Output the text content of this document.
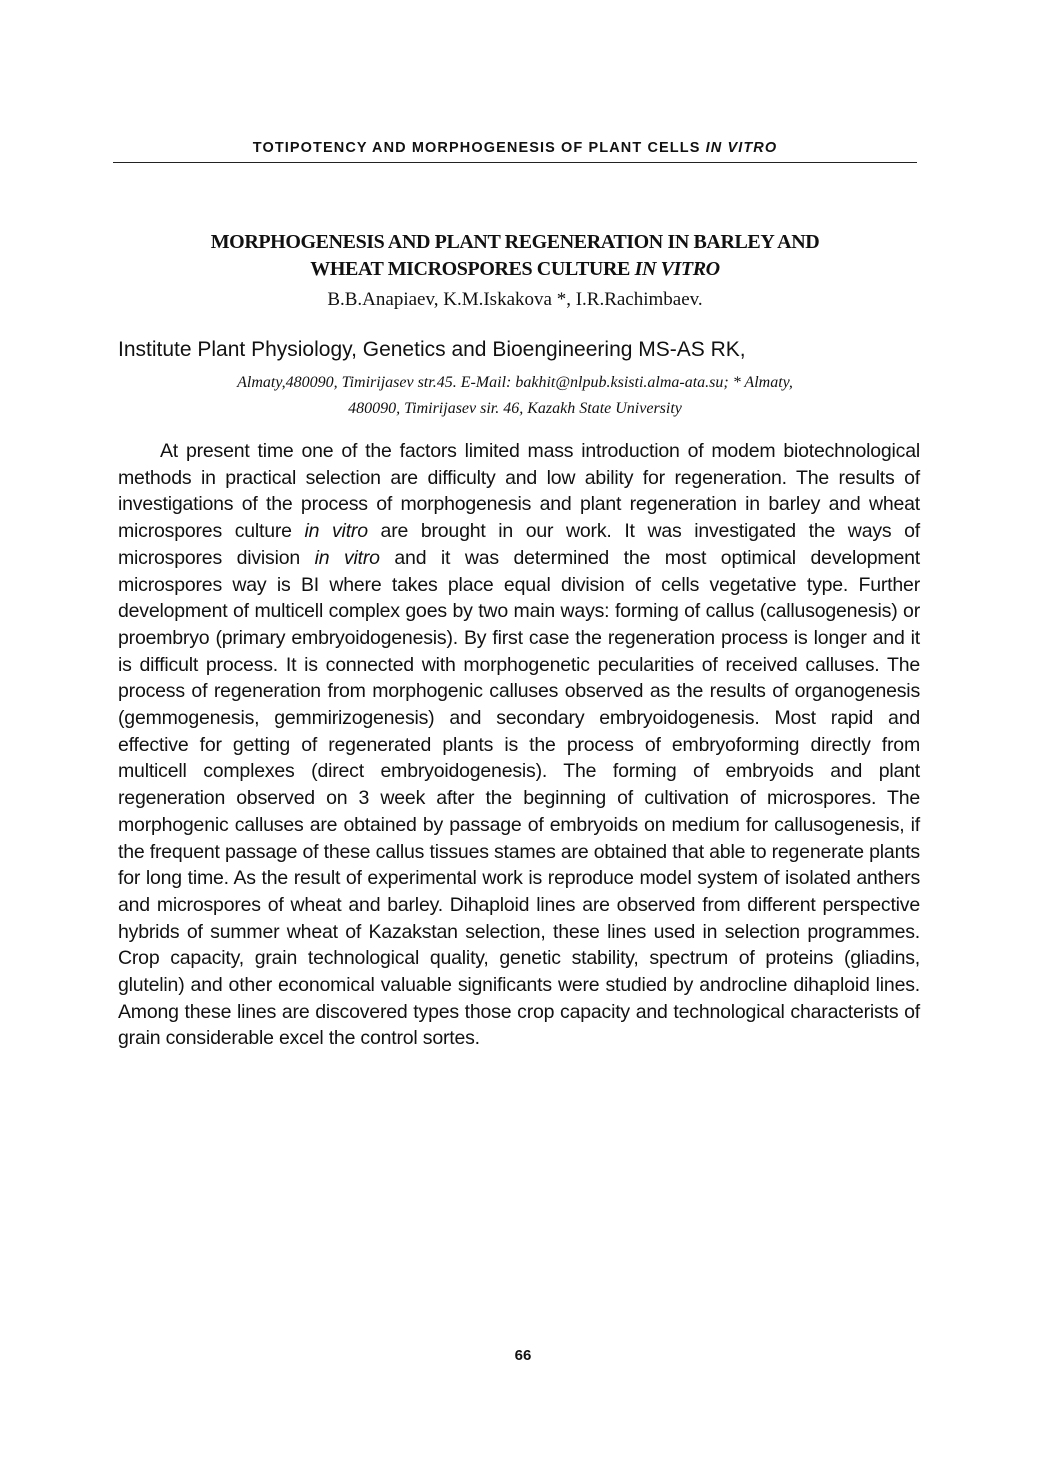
TOTIPOTENCY AND MORPHOGENESIS OF PLANT CELLS IN VITRO
MORPHOGENESIS AND PLANT REGENERATION IN BARLEY AND
WHEAT MICROSPORES CULTURE IN VITRO
B.B.Anapiaev, K.M.Iskakova *, I.R.Rachimbaev.
Institute Plant Physiology, Genetics and Bioengineering MS-AS RK,
Almaty,480090, Timirijasev str.45. E-Mail: bakhit@nlpub.ksisti.alma-ata.su; * Almaty,
480090, Timirijasev sir. 46, Kazakh State University

At present time one of the factors limited mass introduction of modem biotechnological methods in practical selection are difficulty and low ability for regeneration. The results of investigations of the process of morphogenesis and plant regeneration in barley and wheat microspores culture in vitro are brought in our work. It was investigated the ways of microspores division in vitro and it was determined the most optimical development microspores way is BI where takes place equal division of cells vegetative type. Further development of multicell complex goes by two main ways: forming of callus (callusogenesis) or proembryo (primary embryoidogenesis). By first case the regeneration process is longer and it is difficult process. It is connected with morphogenetic pecularities of received calluses. The process of regeneration from morphogenic calluses observed as the results of organogenesis (gemmogenesis, gemmirizogenesis) and secondary embryoidogenesis. Most rapid and effective for getting of regenerated plants is the process of embryoforming directly from multicell complexes (direct embryoidogenesis). The forming of embryoids and plant regeneration observed on 3 week after the beginning of cultivation of microspores. The morphogenic calluses are obtained by passage of embryoids on medium for callusogenesis, if the frequent passage of these callus tissues stames are obtained that able to regenerate plants for long time. As the result of experimental work is reproduce model system of isolated anthers and microspores of wheat and barley. Dihaploid lines are observed from different perspective hybrids of summer wheat of Kazakstan selection, these lines used in selection programmes. Crop capacity, grain technological quality, genetic stability, spectrum of proteins (gliadins, glutelin) and other economical valuable significants were studied by androcline dihaploid lines. Among these lines are discovered types those crop capacity and technological characterists of grain considerable excel the control sortes.

66
